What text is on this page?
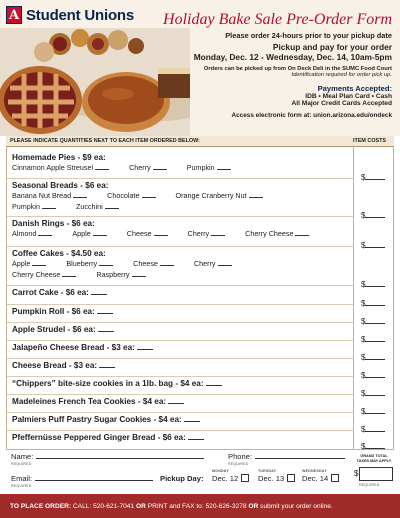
A Student Unions Holiday Bake Sale Pre-Order Form
Please order 24-hours prior to your pickup date
Pickup and pay for your order
Monday, Dec. 12 - Wednesday, Dec. 14, 10am-5pm
Orders can be picked up from On Deck Deli in the SUMC Food Court
Identification required for order pick up.
Payments Accepted:
IDB • Meal Plan Card • Cash
All Major Credit Cards Accepted
Access electronic form at: union.arizona.edu/ondeck
PLEASE INDICATE QUANTITIES NEXT TO EACH ITEM ORDERED BELOW:	ITEM COSTS
Homemade Pies - $9 ea:
Cinnamon Apple Streusel	Cherry	Pumpkin
$
Seasonal Breads - $6 ea:
Banana Nut Bread	Chocolate	Orange Cranberry Nut
Pumpkin	Zucchini
$
Danish Rings - $6 ea:
Almond	Apple	Cheese	Cherry	Cherry Cheese
$
Coffee Cakes - $4.50 ea:
Apple	Blueberry	Cheese	Cherry
Cherry Cheese	Raspberry
$
Carrot Cake - $6 ea:
$
Pumpkin Roll - $6 ea:
$
Apple Strudel - $6 ea:
$
Jalapeño Cheese Bread - $3 ea:
$
Cheese Bread - $3 ea:
$
“Chippers” bite-size cookies in a 1lb. bag - $4 ea:
$
Madeleines French Tea Cookies - $4 ea:
$
Palmiers Puff Pastry Sugar Cookies - $4 ea:
$
Pfeffernüsse Peppered Ginger Bread - $6 ea:
$
Name:
REQUIRED
Phone:
REQUIRED
Email:
REQUIRED
Pickup Day:
MONDAY
Dec. 12
TUESDAY
Dec. 13
WEDNESDAY
Dec. 14
GRAND TOTAL
TAXES MAY APPLY
$
REQUIRED
TO PLACE ORDER:
CALL: 520-621-7041
OR
PRINT and FAX to: 520-626-3278
OR
submit your order online.
